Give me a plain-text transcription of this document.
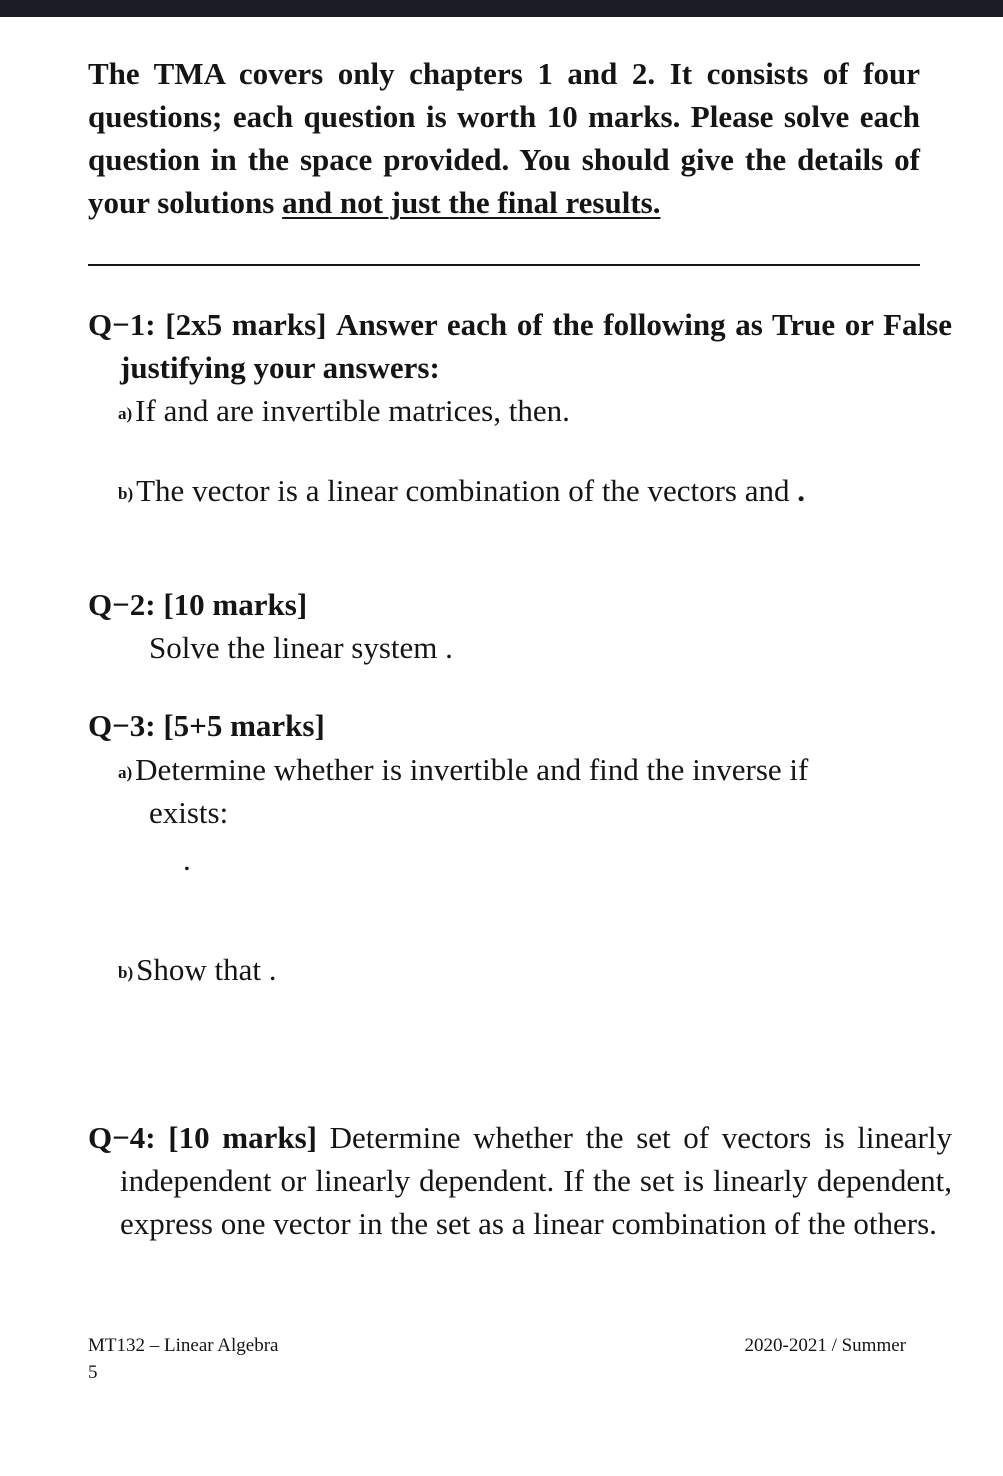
The TMA covers only chapters 1 and 2. It consists of four questions; each question is worth 10 marks. Please solve each question in the space provided. You should give the details of your solutions and not just the final results.
Q−1: [2x5 marks] Answer each of the following as True or False justifying your answers:
a)If and are invertible matrices, then.
b)The vector is a linear combination of the vectors and .
Q−2: [10 marks]
Solve the linear system .
Q−3: [5+5 marks]
a)Determine whether is invertible and find the inverse if
exists:
.
b)Show that .
Q−4: [10 marks] Determine whether the set of vectors is linearly independent or linearly dependent. If the set is linearly dependent, express one vector in the set as a linear combination of the others.
MT132 – Linear Algebra	2020-2021 / Summer
5
